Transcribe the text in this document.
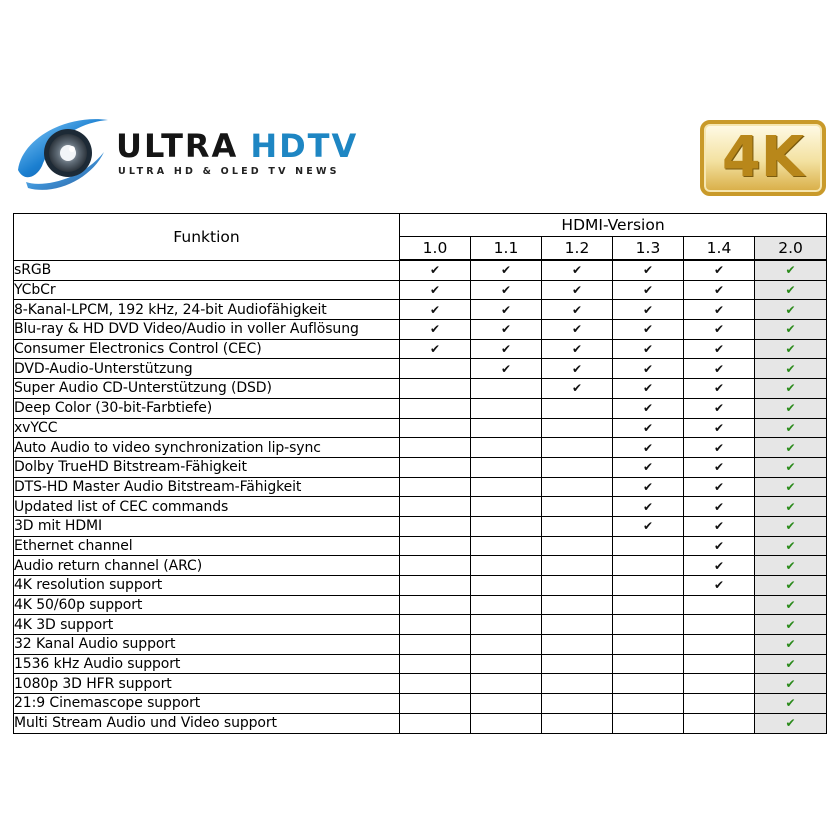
ULTRA HDTV
ULTRA HD & OLED TV NEWS	4K
Funktion	HDMI-Version					
	1.0	1.1	1.2	1.3	1.4	2.0
sRGB	✔	✔	✔	✔	✔	✔
YCbCr	✔	✔	✔	✔	✔	✔
8-Kanal-LPCM, 192 kHz, 24-bit Audiofähigkeit	✔	✔	✔	✔	✔	✔
Blu-ray & HD DVD Video/Audio in voller Auflösung	✔	✔	✔	✔	✔	✔
Consumer Electronics Control (CEC)	✔	✔	✔	✔	✔	✔
DVD-Audio-Unterstützung		✔	✔	✔	✔	✔
Super Audio CD-Unterstützung (DSD)			✔	✔	✔	✔
Deep Color (30-bit-Farbtiefe)				✔	✔	✔
xvYCC				✔	✔	✔
Auto Audio to video synchronization lip-sync				✔	✔	✔
Dolby TrueHD Bitstream-Fähigkeit				✔	✔	✔
DTS-HD Master Audio Bitstream-Fähigkeit				✔	✔	✔
Updated list of CEC commands				✔	✔	✔
3D mit HDMI				✔	✔	✔
Ethernet channel					✔	✔
Audio return channel (ARC)					✔	✔
4K resolution support					✔	✔
4K 50/60p support						✔
4K 3D support						✔
32 Kanal Audio support						✔
1536 kHz Audio support						✔
1080p 3D HFR support						✔
21:9 Cinemascope support						✔
Multi Stream Audio und Video support						✔
